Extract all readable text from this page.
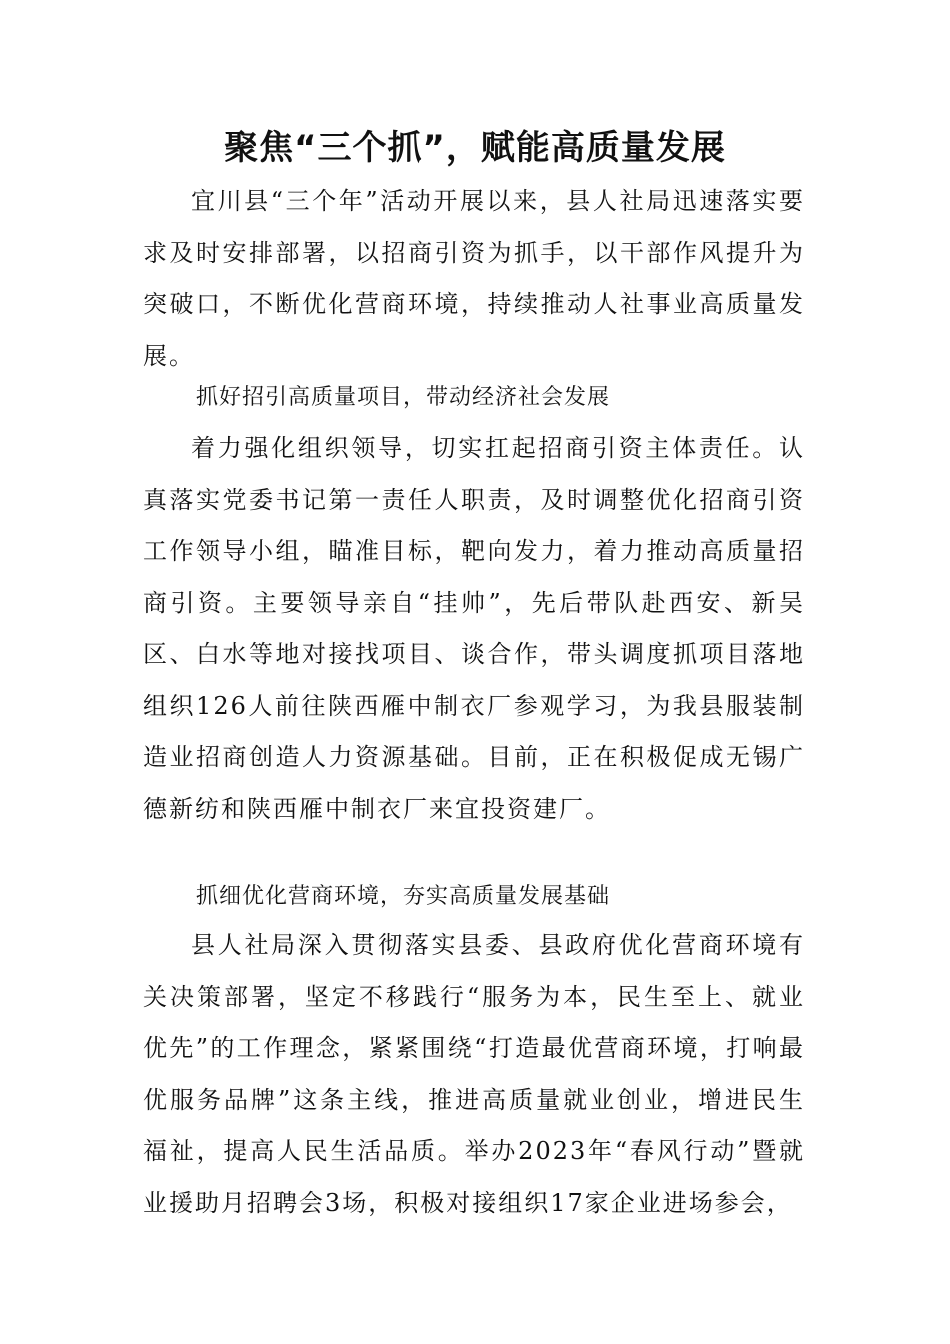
聚焦“三个抓”，赋能高质量发展

宜川县“三个年”活动开展以来，县人社局迅速落实要求及时安排部署，以招商引资为抓手，以干部作风提升为突破口，不断优化营商环境，持续推动人社事业高质量发展。

抓好招引高质量项目，带动经济社会发展

着力强化组织领导，切实扛起招商引资主体责任。认真落实党委书记第一责任人职责，及时调整优化招商引资工作领导小组，瞄准目标，靶向发力，着力推动高质量招商引资。主要领导亲自“挂帅”，先后带队赴西安、新吴区、白水等地对接找项目、谈合作，带头调度抓项目落地组织126人前往陕西雁中制衣厂参观学习，为我县服装制造业招商创造人力资源基础。目前，正在积极促成无锡广德新纺和陕西雁中制衣厂来宜投资建厂。

抓细优化营商环境，夯实高质量发展基础

县人社局深入贯彻落实县委、县政府优化营商环境有关决策部署，坚定不移践行“服务为本，民生至上、就业优先”的工作理念，紧紧围绕“打造最优营商环境，打响最优服务品牌”这条主线，推进高质量就业创业，增进民生福祉，提高人民生活品质。举办2023年“春风行动”暨就业援助月招聘会3场，积极对接组织17家企业进场参会，
